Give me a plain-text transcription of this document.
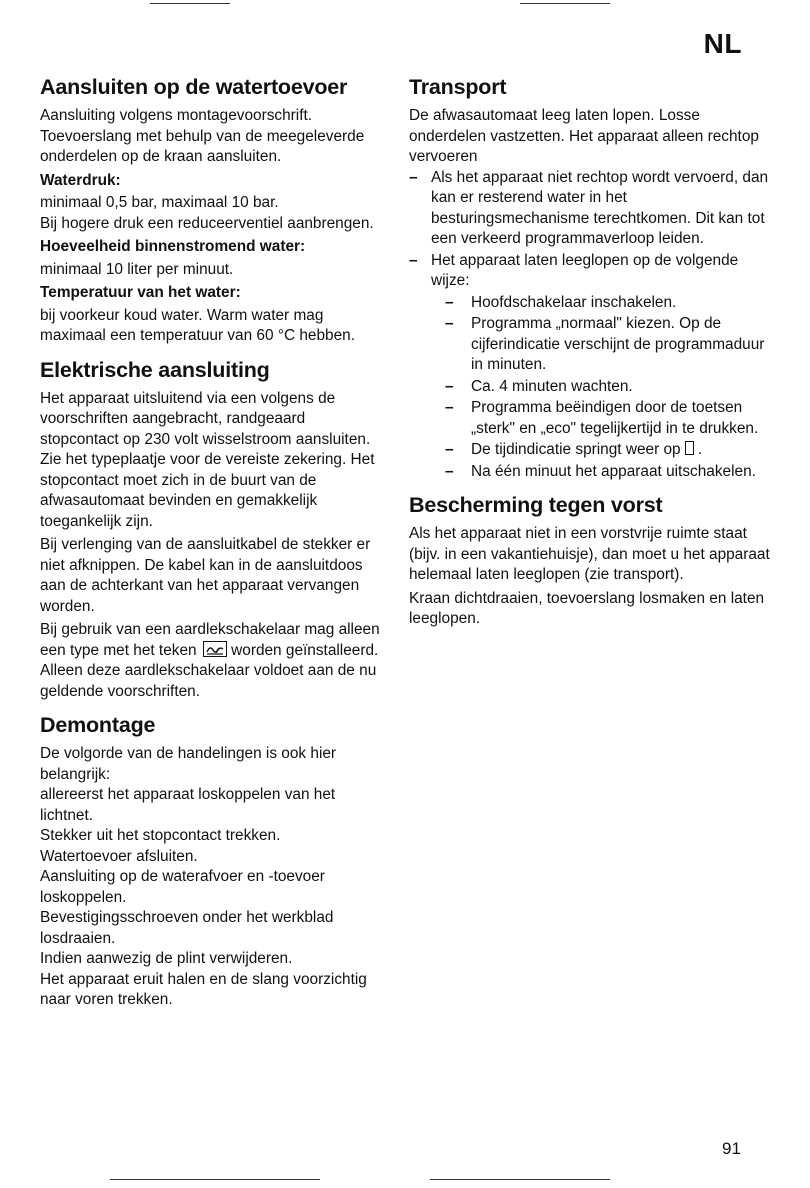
NL
Aansluiten op de watertoevoer

Aansluiting volgens montagevoorschrift. Toevoerslang met behulp van de meegeleverde onderdelen op de kraan aansluiten.

Waterdruk:

minimaal 0,5 bar, maximaal 10 bar.

Bij hogere druk een reduceerventiel aanbrengen.

Hoeveelheid binnenstromend water:

minimaal 10 liter per minuut.

Temperatuur van het water:

bij voorkeur koud water. Warm water mag maximaal een temperatuur van 60 °C hebben.

Elektrische aansluiting

Het apparaat uitsluitend via een volgens de voorschriften aangebracht, randgeaard stopcontact op 230 volt wisselstroom aansluiten. Zie het typeplaatje voor de vereiste zekering. Het stopcontact moet zich in de buurt van de afwasautomaat bevinden en gemakkelijk toegankelijk zijn.

Bij verlenging van de aansluitkabel de stekker er niet afknippen. De kabel kan in de aansluitdoos aan de achterkant van het apparaat vervangen worden.

Bij gebruik van een aardlekschakelaar mag alleen een type met het teken worden geïnstalleerd. Alleen deze aardlekschakelaar voldoet aan de nu geldende voorschriften.

Demontage

De volgorde van de handelingen is ook hier belangrijk:

allereerst het apparaat loskoppelen van het lichtnet.

Stekker uit het stopcontact trekken.

Watertoevoer afsluiten.

Aansluiting op de waterafvoer en -toevoer loskoppelen.

Bevestigingsschroeven onder het werkblad losdraaien.

Indien aanwezig de plint verwijderen.

Het apparaat eruit halen en de slang voorzichtig naar voren trekken.

Transport

De afwasautomaat leeg laten lopen. Losse onderdelen vastzetten. Het apparaat alleen rechtop vervoeren

– Als het apparaat niet rechtop wordt vervoerd, dan kan er resterend water in het besturingsmechanisme terechtkomen. Dit kan tot een verkeerd programmaverloop leiden.
– Het apparaat laten leeglopen op de volgende wijze:
– Hoofdschakelaar inschakelen.
– Programma „normaal" kiezen. Op de cijferindicatie verschijnt de programmaduur in minuten.
– Ca. 4 minuten wachten.
– Programma beëindigen door de toetsen „sterk" en „eco" tegelijkertijd in te drukken.
– De tijdindicatie springt weer op .
– Na één minuut het apparaat uitschakelen.
Bescherming tegen vorst

Als het apparaat niet in een vorstvrije ruimte staat (bijv. in een vakantiehuisje), dan moet u het apparaat helemaal laten leeglopen (zie transport).

Kraan dichtdraaien, toevoerslang losmaken en laten leeglopen.

91
